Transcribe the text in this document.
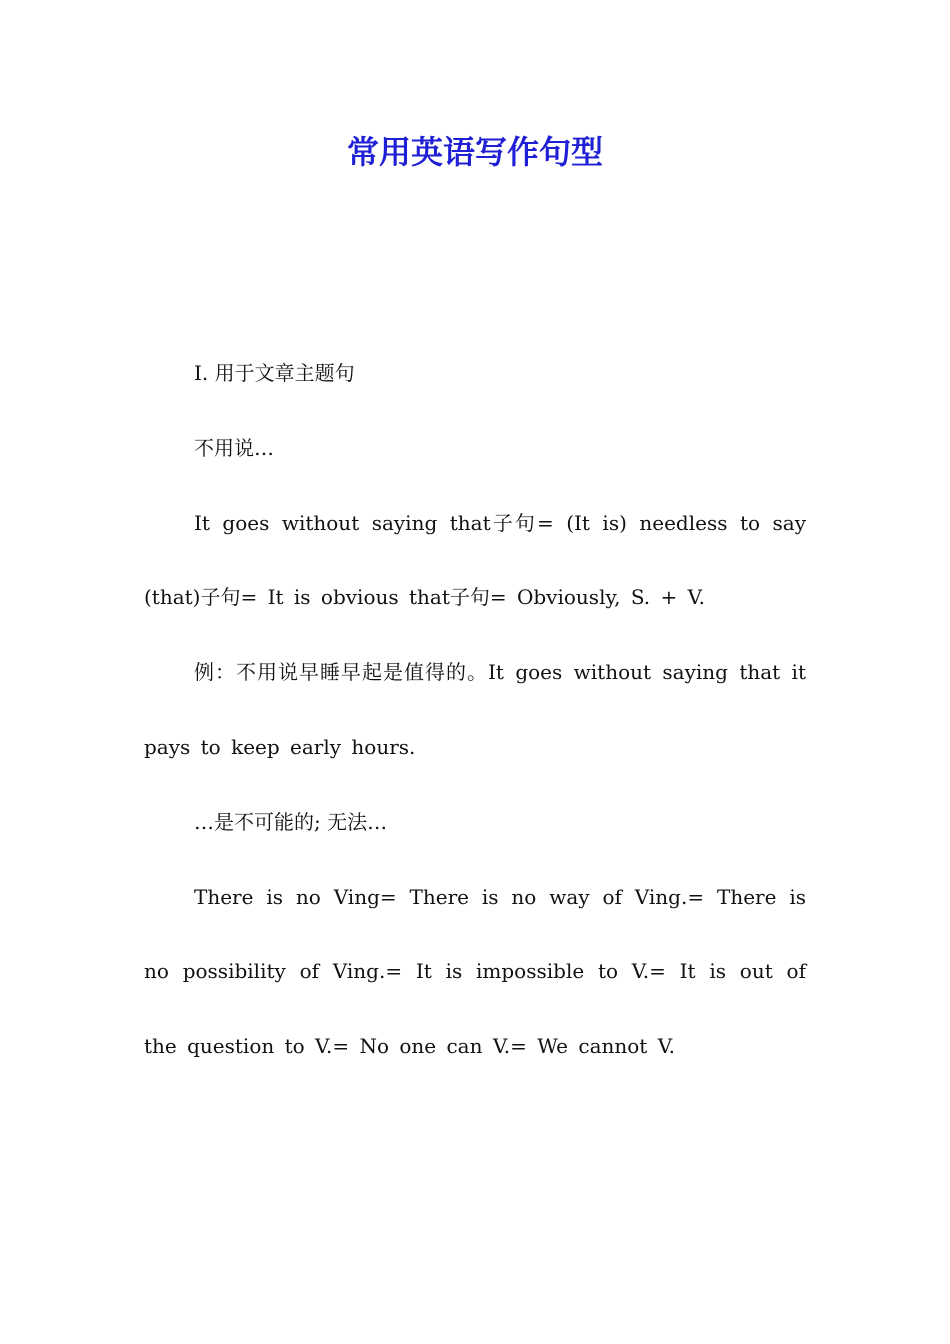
常用英语写作句型

I. 用于文章主题句

不用说…

It goes without saying that子句= (It is) needless to say (that)子句= It is obvious that子句= Obviously, S. + V.

例：不用说早睡早起是值得的。It goes without saying that it pays to keep early hours.

…是不可能的; 无法…

There is no Ving= There is no way of Ving.= There is no possibility of Ving.= It is impossible to V.= It is out of the question to V.= No one can V.= We cannot V.
